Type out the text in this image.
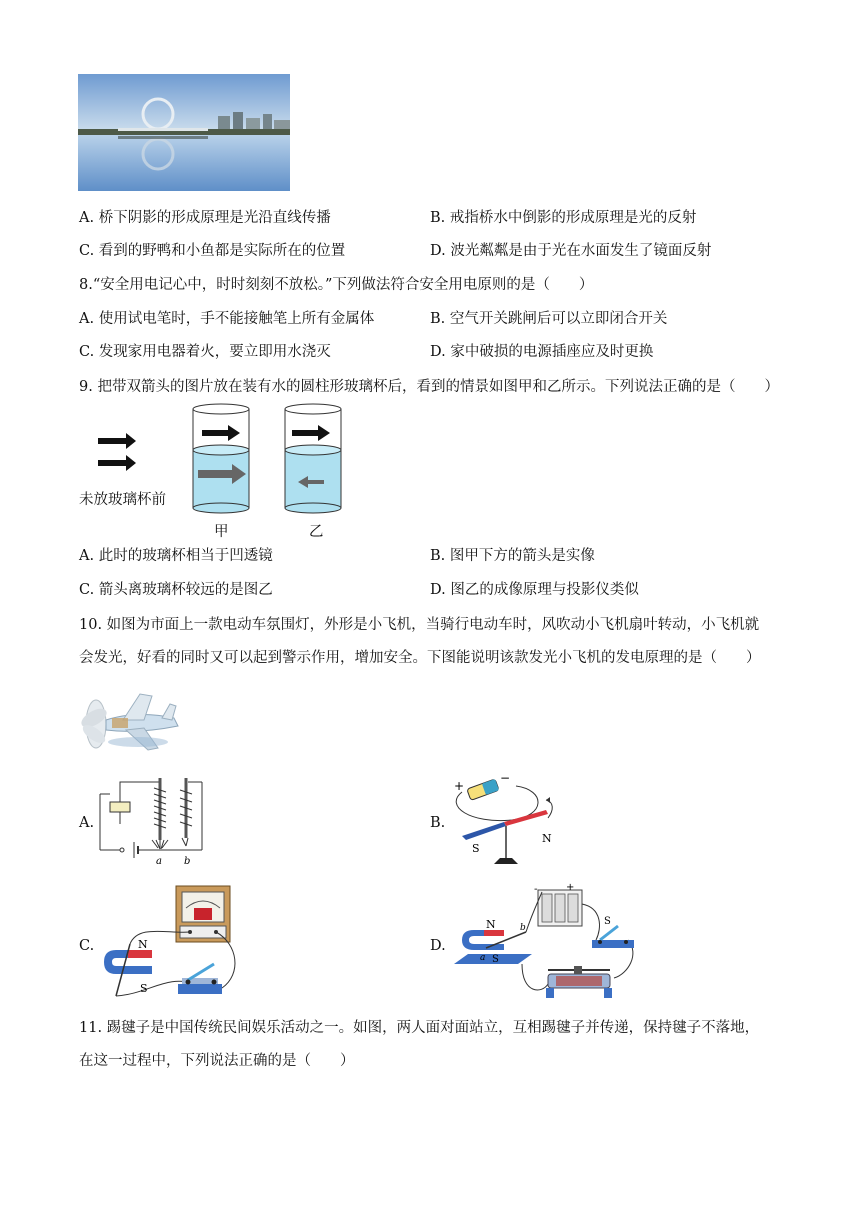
A. 桥下阴影的形成原理是光沿直线传播	B. 戒指桥水中倒影的形成原理是光的反射
C. 看到的野鸭和小鱼都是实际所在的位置	D. 波光粼粼是由于光在水面发生了镜面反射
8.“安全用电记心中，时时刻刻不放松。”下列做法符合安全用电原则的是（　　）
A. 使用试电笔时，手不能接触笔上所有金属体	B. 空气开关跳闸后可以立即闭合开关
C. 发现家用电器着火，要立即用水浇灭	D. 家中破损的电源插座应及时更换
9. 把带双箭头的图片放在装有水的圆柱形玻璃杯后，看到的情景如图甲和乙所示。下列说法正确的是（　　）
未放玻璃杯前
甲	乙
A. 此时的玻璃杯相当于凹透镜	B. 图甲下方的箭头是实像
C. 箭头离玻璃杯较远的是图乙	D. 图乙的成像原理与投影仪类似
10. 如图为市面上一款电动车氛围灯，外形是小飞机，当骑行电动车时，风吹动小飞机扇叶转动，小飞机就
会发光，好看的同时又可以起到警示作用，增加安全。下图能说明该款发光小飞机的发电原理的是（　　）
A.
a b
B.
+
−
S
N
C.	N
S
D.
-	+
N
S
a
b
S
11. 踢毽子是中国传统民间娱乐活动之一。如图，两人面对面站立，互相踢毽子并传递，保持毽子不落地，
在这一过程中，下列说法正确的是（　　）
